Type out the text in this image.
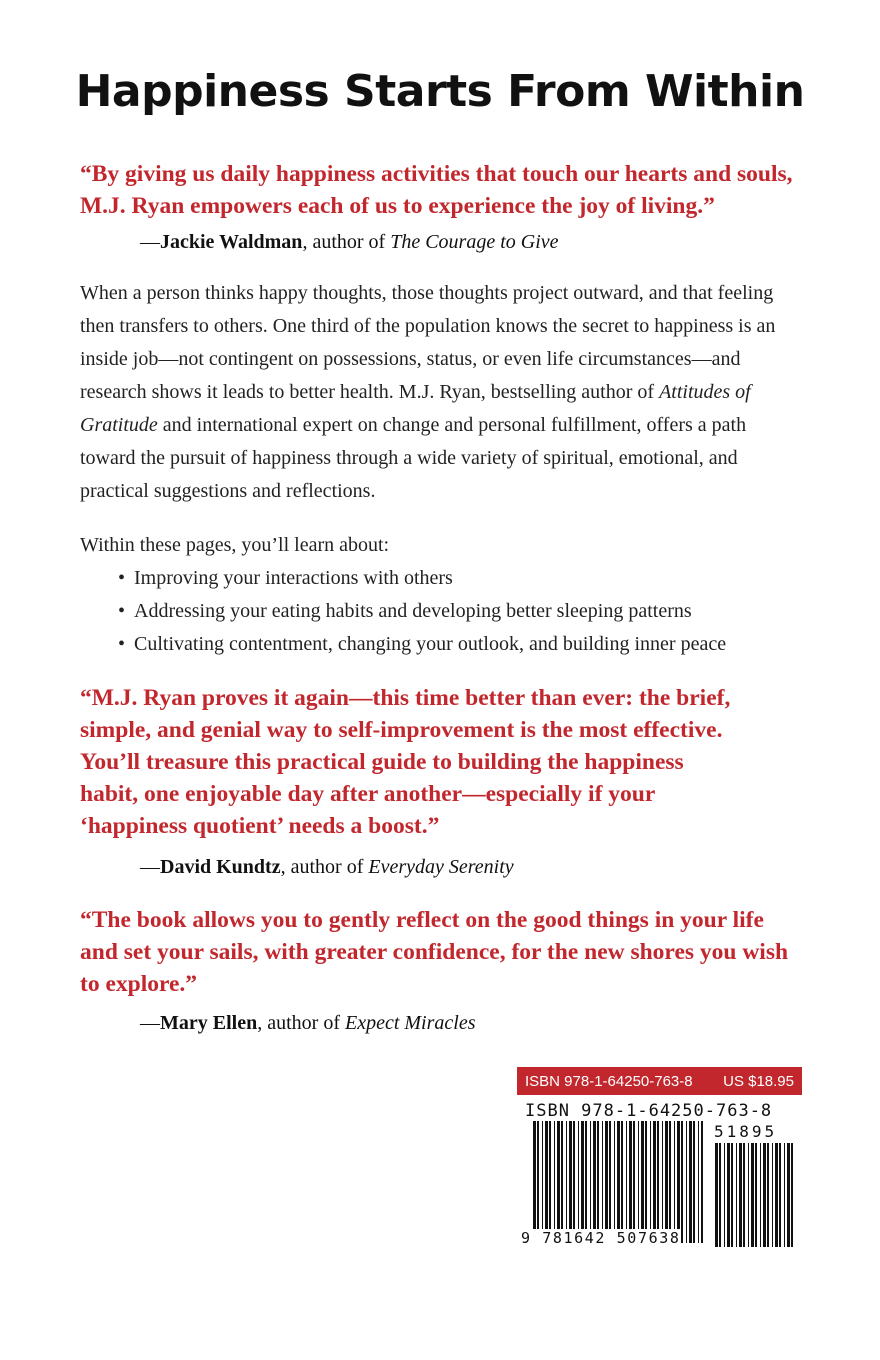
Happiness Starts From Within

“By giving us daily happiness activities that touch our hearts and souls, M.J. Ryan empowers each of us to experience the joy of living.”

—Jackie Waldman, author of The Courage to Give

When a person thinks happy thoughts, those thoughts project outward, and that feeling then transfers to others. One third of the population knows the secret to happiness is an inside job—not contingent on possessions, status, or even life circumstances—and research shows it leads to better health. M.J. Ryan, bestselling author of Attitudes of Gratitude and international expert on change and personal fulfillment, offers a path toward the pursuit of happiness through a wide variety of spiritual, emotional, and practical suggestions and reflections.

Within these pages, you’ll learn about:

• Improving your interactions with others
• Addressing your eating habits and developing better sleeping patterns
• Cultivating contentment, changing your outlook, and building inner peace

“M.J. Ryan proves it again—this time better than ever: the brief, simple, and genial way to self-improvement is the most effective. You’ll treasure this practical guide to building the happiness habit, one enjoyable day after another—especially if your ‘happiness quotient’ needs a boost.”

—David Kundtz, author of Everyday Serenity

“The book allows you to gently reflect on the good things in your life and set your sails, with greater confidence, for the new shores you wish to explore.”

—Mary Ellen, author of Expect Miracles

ISBN 978-1-64250-763-8 US $18.95
ISBN 978-1-64250-763-8
51895
9 781642 507638
